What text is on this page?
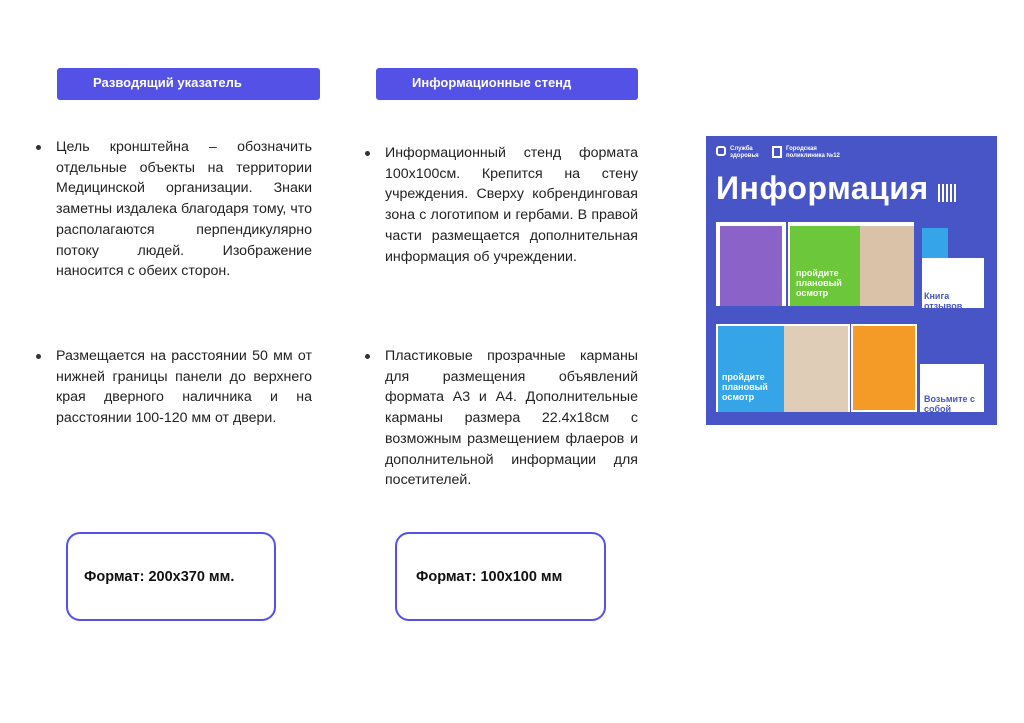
Разводящий указатель	Информационные стенд
Цель кронштейна – обозначить отдельные объекты на территории Медицинской организации. Знаки заметны издалека благодаря тому, что располагаются перпендикулярно потоку людей. Изображение наносится с обеих сторон.
Размещается на расстоянии 50 мм от нижней границы панели до верхнего края дверного наличника и на расстоянии 100-120 мм от двери.
Информационный стенд формата 100х100см. Крепится на стену учреждения. Сверху кобрендинговая зона с логотипом и гербами. В правой части размещается дополнительная информация об учреждении.
Пластиковые прозрачные карманы для размещения объявлений формата А3 и А4. Дополнительные карманы размера 22.4х18см с возможным размещением флаеров и дополнительной информации для посетителей.
Формат: 200х370 мм.	Формат: 100х100 мм
Служба здоровья
Городская поликлиника №12
Информация
пройдите плановый осмотр	Книга отзывов
пройдите плановый осмотр	Возьмите с собой
